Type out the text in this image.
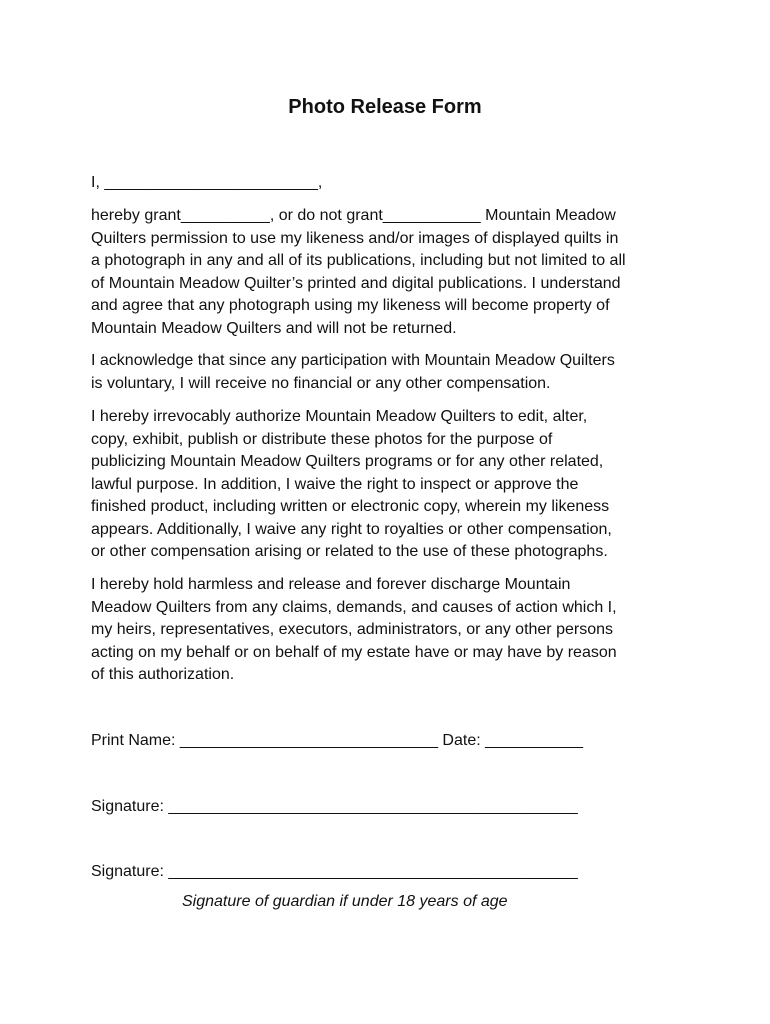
Photo Release Form
I, ________________________,
hereby grant__________, or do not grant___________ Mountain Meadow
Quilters permission to use my likeness and/or images of displayed quilts in
a photograph in any and all of its publications, including but not limited to all
of Mountain Meadow Quilter’s printed and digital publications. I understand
and agree that any photograph using my likeness will become property of
Mountain Meadow Quilters and will not be returned.
I acknowledge that since any participation with Mountain Meadow Quilters
is voluntary, I will receive no financial or any other compensation.
I hereby irrevocably authorize Mountain Meadow Quilters to edit, alter,
copy, exhibit, publish or distribute these photos for the purpose of
publicizing Mountain Meadow Quilters programs or for any other related,
lawful purpose. In addition, I waive the right to inspect or approve the
finished product, including written or electronic copy, wherein my likeness
appears. Additionally, I waive any right to royalties or other compensation,
or other compensation arising or related to the use of these photographs.
I hereby hold harmless and release and forever discharge Mountain
Meadow Quilters from any claims, demands, and causes of action which I,
my heirs, representatives, executors, administrators, or any other persons
acting on my behalf or on behalf of my estate have or may have by reason
of this authorization.
Print Name: _____________________________ Date: ___________
Signature: ______________________________________________
Signature: ______________________________________________
Signature of guardian if under 18 years of age
